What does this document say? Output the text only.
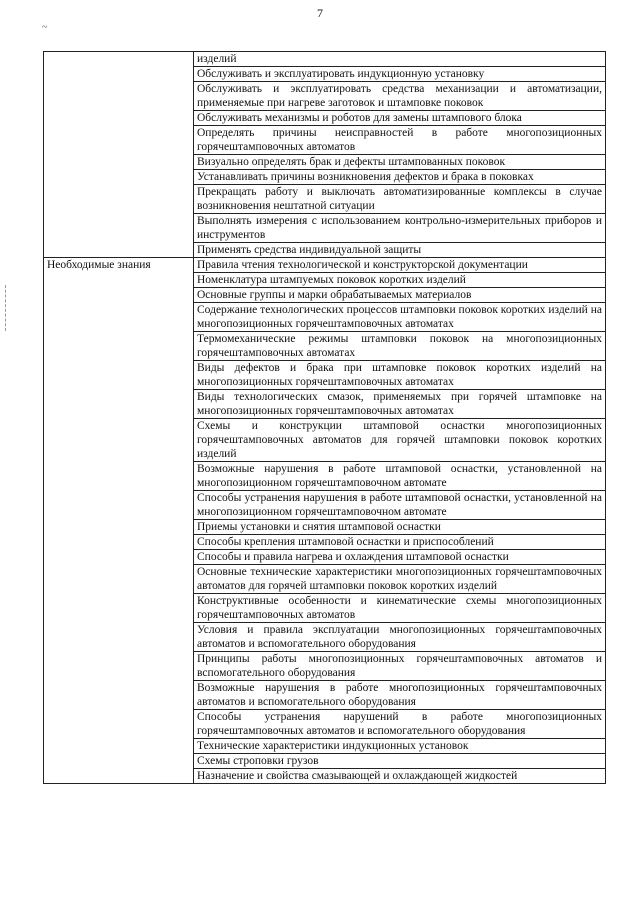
7
~
	изделий
	Обслуживать и эксплуатировать индукционную установку
	Обслуживать и эксплуатировать средства механизации и автоматизации, применяемые при нагреве заготовок и штамповке поковок
	Обслуживать механизмы и роботов для замены штампового блока
	Определять причины неисправностей в работе многопозиционных горячештамповочных автоматов
	Визуально определять брак и дефекты штампованных поковок
	Устанавливать причины возникновения дефектов и брака в поковках
	Прекращать работу и выключать автоматизированные комплексы в случае возникновения нештатной ситуации
	Выполнять измерения с использованием контрольно-измерительных приборов и инструментов
	Применять средства индивидуальной защиты
Необходимые знания	Правила чтения технологической и конструкторской документации
	Номенклатура штампуемых поковок коротких изделий
	Основные группы и марки обрабатываемых материалов
	Содержание технологических процессов штамповки поковок коротких изделий на многопозиционных горячештамповочных автоматах
	Термомеханические режимы штамповки поковок на многопозиционных горячештамповочных автоматах
	Виды дефектов и брака при штамповке поковок коротких изделий на многопозиционных горячештамповочных автоматах
	Виды технологических смазок, применяемых при горячей штамповке на многопозиционных горячештамповочных автоматах
	Схемы и конструкции штамповой оснастки многопозиционных горячештамповочных автоматов для горячей штамповки поковок коротких изделий
	Возможные нарушения в работе штамповой оснастки, установленной на многопозиционном горячештамповочном автомате
	Способы устранения нарушения в работе штамповой оснастки, установленной на многопозиционном горячештамповочном автомате
	Приемы установки и снятия штамповой оснастки
	Способы крепления штамповой оснастки и приспособлений
	Способы и правила нагрева и охлаждения штамповой оснастки
	Основные технические характеристики многопозиционных горячештамповочных автоматов для горячей штамповки поковок коротких изделий
	Конструктивные особенности и кинематические схемы многопозиционных горячештамповочных автоматов
	Условия и правила эксплуатации многопозиционных горячештамповочных автоматов и вспомогательного оборудования
	Принципы работы многопозиционных горячештамповочных автоматов и вспомогательного оборудования
	Возможные нарушения в работе многопозиционных горячештамповочных автоматов и вспомогательного оборудования
	Способы устранения нарушений в работе многопозиционных горячештамповочных автоматов и вспомогательного оборудования
	Технические характеристики индукционных установок
	Схемы строповки грузов
	Назначение и свойства смазывающей и охлаждающей жидкостей
